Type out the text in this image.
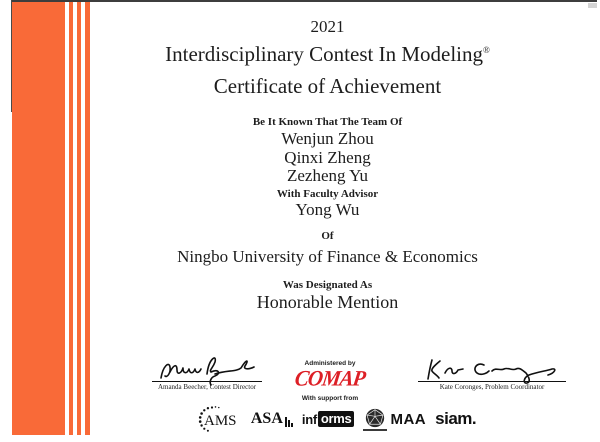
2021
Interdisciplinary Contest In Modeling®
Certificate of Achievement
Be It Known That The Team Of
Wenjun Zhou
Qinxi Zheng
Zezheng Yu
With Faculty Advisor
Yong Wu
Of
Ningbo University of Finance & Economics
Was Designated As
Honorable Mention
Amanda Beecher, Contest Director
Administered by
COMAP
With support from
Kate Coronges, Problem Coordinator
AMS ASA inf orms	MAA siam.
